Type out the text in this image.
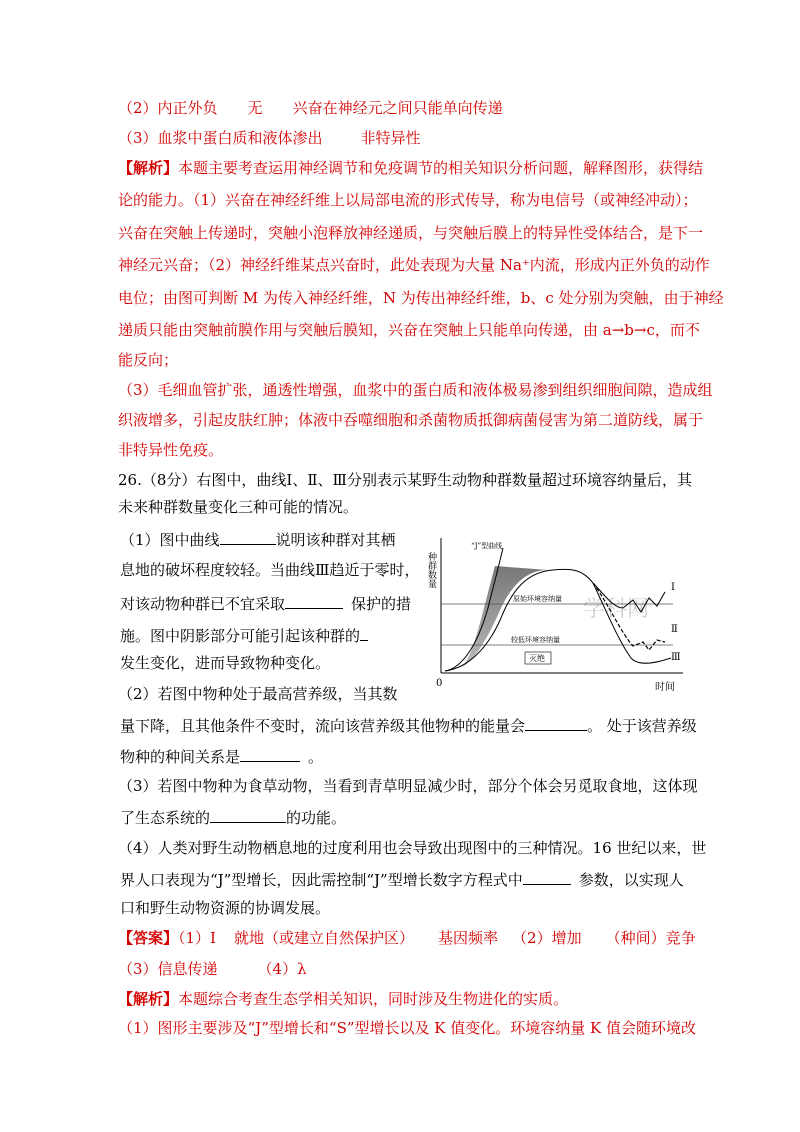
（2）内正外负 无 兴奋在神经元之间只能单向传递
（3）血浆中蛋白质和液体渗出	非特异性
【解析】本题主要考查运用神经调节和免疫调节的相关知识分析问题，解释图形，获得结
论的能力。（1）兴奋在神经纤维上以局部电流的形式传导，称为电信号（或神经冲动）；
兴奋在突触上传递时，突触小泡释放神经递质，与突触后膜上的特异性受体结合，是下一
神经元兴奋；（2）神经纤维某点兴奋时，此处表现为大量 Na⁺内流，形成内正外负的动作
电位；由图可判断 M 为传入神经纤维，N 为传出神经纤维，b、c 处分别为突触，由于神经
递质只能由突触前膜作用与突触后膜知，兴奋在突触上只能单向传递，由 a→b→c，而不
能反向；
（3）毛细血管扩张，通透性增强，血浆中的蛋白质和液体极易渗到组织细胞间隙，造成组
织液增多，引起皮肤红肿；体液中吞噬细胞和杀菌物质抵御病菌侵害为第二道防线，属于
非特异性免疫。
26.（8分）右图中，曲线Ⅰ、Ⅱ、Ⅲ分别表示某野生动物种群数量超过环境容纳量后，其
未来种群数量变化三种可能的情况。
（1）图中曲线	说明该种群对其栖
息地的破坏程度较轻。当曲线Ⅲ趋近于零时，
对该动物种群已不宜采取	保护的措
施。图中阴影部分可能引起该种群的
发生变化，进而导致物种变化。
（2）若图中物种处于最高营养级，当其数
量下降，且其他条件不变时，流向该营养级其他物种的能量会	。 处于该营养级
物种的种间关系是	。
（3）若图中物种为食草动物，当看到青草明显减少时，部分个体会另觅取食地，这体现
了生态系统的	的功能。
（4）人类对野生动物栖息地的过度利用也会导致出现图中的三种情况。16 世纪以来，世
界人口表现为“J”型增长，因此需控制“J”型增长数字方程式中	参数，以实现人
口和野生动物资源的协调发展。
【答案】（1）Ⅰ 就地（或建立自然保护区） 基因频率 （2）增加 （种间）竞争
（3）信息传递	（4）λ
【解析】本题综合考查生态学相关知识，同时涉及生物进化的实质。
（1）图形主要涉及“J”型增长和“S”型增长以及 K 值变化。环境容纳量 K 值会随环境改
学科网
种群数量
时间
0
“J”型曲线
原始环境容纳量
较低环境容纳量
灭绝
Ⅰ
Ⅱ
Ⅲ
